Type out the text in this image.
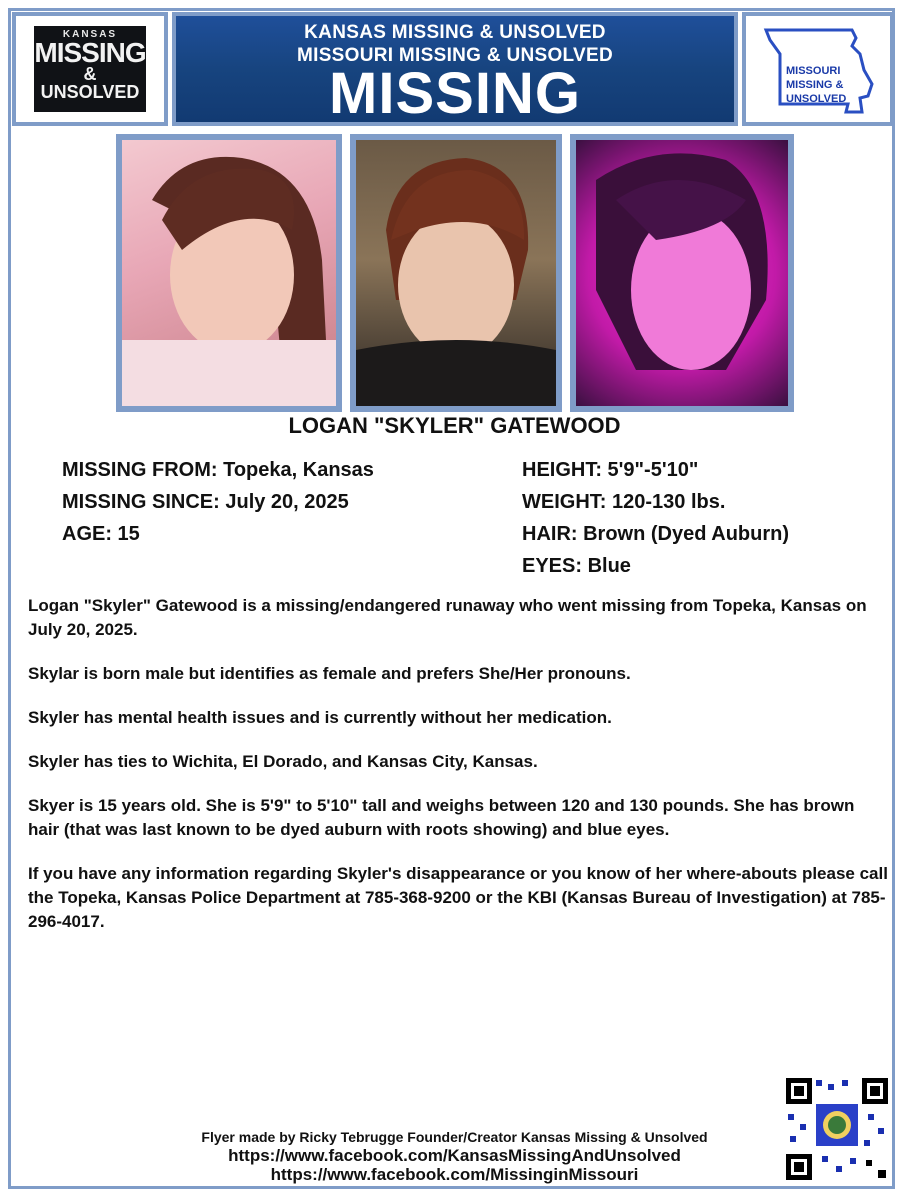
KANSAS
MISSING
&
UNSOLVED
KANSAS MISSING & UNSOLVED
MISSOURI MISSING & UNSOLVED
MISSING	MISSOURI
MISSING &
UNSOLVED
LOGAN "SKYLER" GATEWOOD
MISSING FROM: Topeka, Kansas
MISSING SINCE: July 20, 2025
AGE: 15
HEIGHT: 5'9"-5'10"
WEIGHT: 120-130 lbs.
HAIR: Brown (Dyed Auburn)
EYES: Blue

Logan "Skyler" Gatewood is a missing/endangered runaway who went missing from Topeka, Kansas on July 20, 2025.

Skylar is born male but identifies as female and prefers She/Her pronouns.

Skyler has mental health issues and is currently without her medication.

Skyler has ties to Wichita, El Dorado, and Kansas City, Kansas.

Skyer is 15 years old. She is 5'9" to 5'10" tall and weighs between 120 and 130 pounds. She has brown hair (that was last known to be dyed auburn with roots showing) and blue eyes.

If you have any information regarding Skyler's disappearance or you know of her where-abouts please call the Topeka, Kansas Police Department at 785-368-9200 or the KBI (Kansas Bureau of Investigation) at 785-296-4017.

Flyer made by Ricky Tebrugge Founder/Creator Kansas Missing & Unsolved
https://www.facebook.com/KansasMissingAndUnsolved
https://www.facebook.com/MissinginMissouri
